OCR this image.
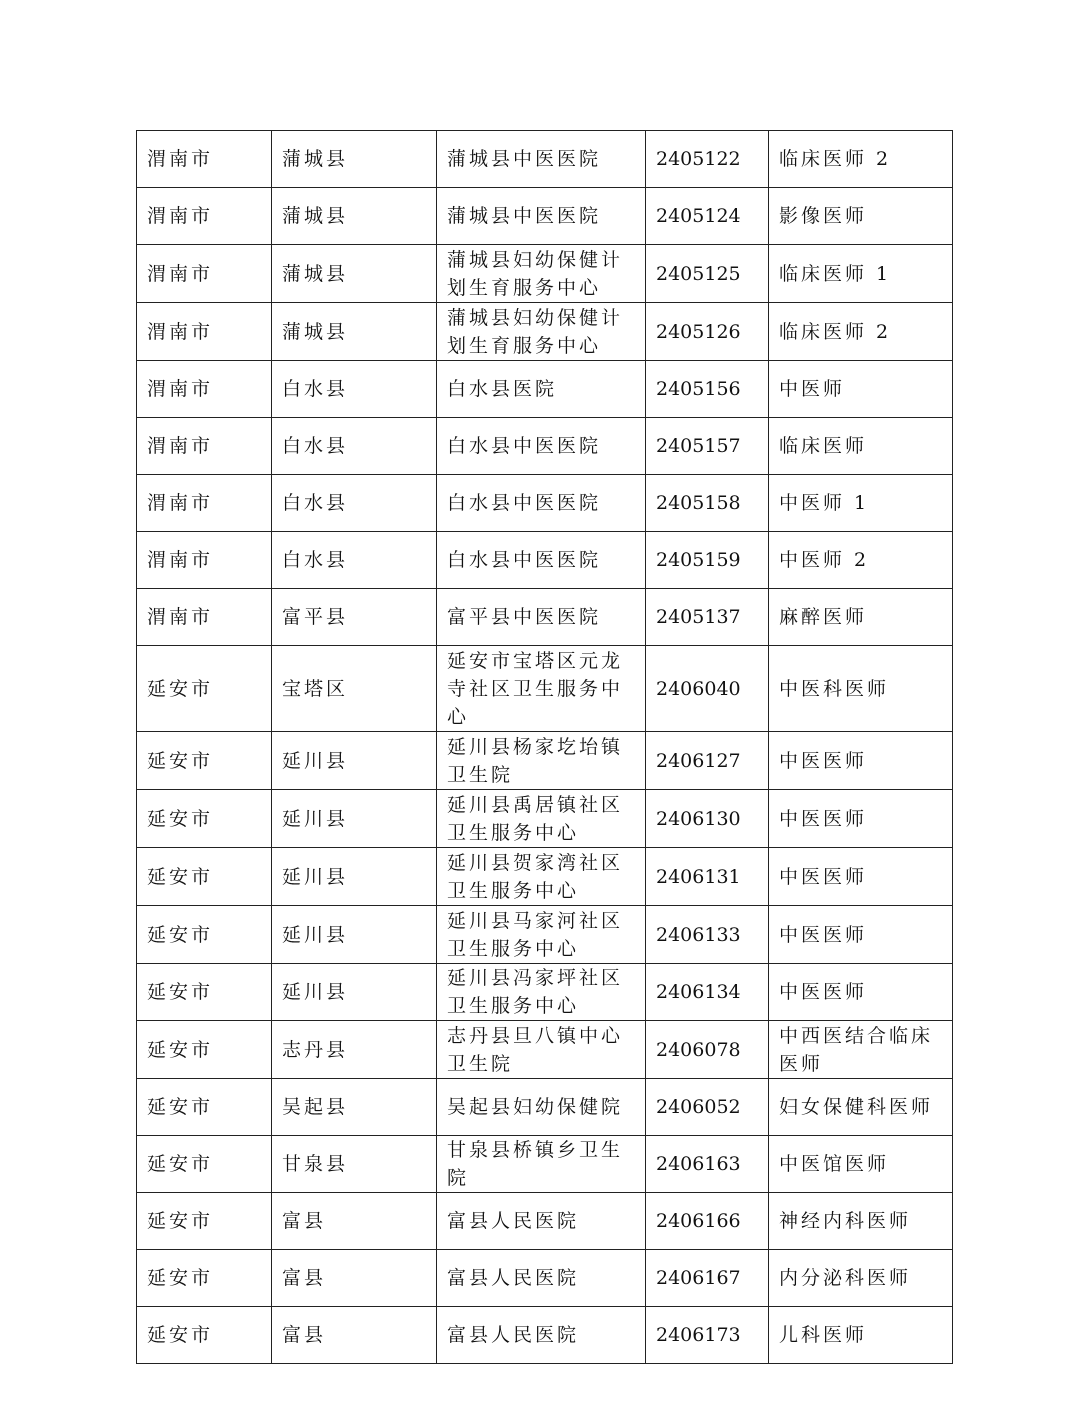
渭南市	蒲城县	蒲城县中医医院	2405122	临床医师 2
渭南市	蒲城县	蒲城县中医医院	2405124	影像医师
渭南市	蒲城县	蒲城县妇幼保健计划生育服务中心	2405125	临床医师 1
渭南市	蒲城县	蒲城县妇幼保健计划生育服务中心	2405126	临床医师 2
渭南市	白水县	白水县医院	2405156	中医师
渭南市	白水县	白水县中医医院	2405157	临床医师
渭南市	白水县	白水县中医医院	2405158	中医师 1
渭南市	白水县	白水县中医医院	2405159	中医师 2
渭南市	富平县	富平县中医医院	2405137	麻醉医师
延安市	宝塔区	延安市宝塔区元龙寺社区卫生服务中心	2406040	中医科医师
延安市	延川县	延川县杨家圪坮镇卫生院	2406127	中医医师
延安市	延川县	延川县禹居镇社区卫生服务中心	2406130	中医医师
延安市	延川县	延川县贺家湾社区卫生服务中心	2406131	中医医师
延安市	延川县	延川县马家河社区卫生服务中心	2406133	中医医师
延安市	延川县	延川县冯家坪社区卫生服务中心	2406134	中医医师
延安市	志丹县	志丹县旦八镇中心卫生院	2406078	中西医结合临床医师
延安市	吴起县	吴起县妇幼保健院	2406052	妇女保健科医师
延安市	甘泉县	甘泉县桥镇乡卫生院	2406163	中医馆医师
延安市	富县	富县人民医院	2406166	神经内科医师
延安市	富县	富县人民医院	2406167	内分泌科医师
延安市	富县	富县人民医院	2406173	儿科医师
